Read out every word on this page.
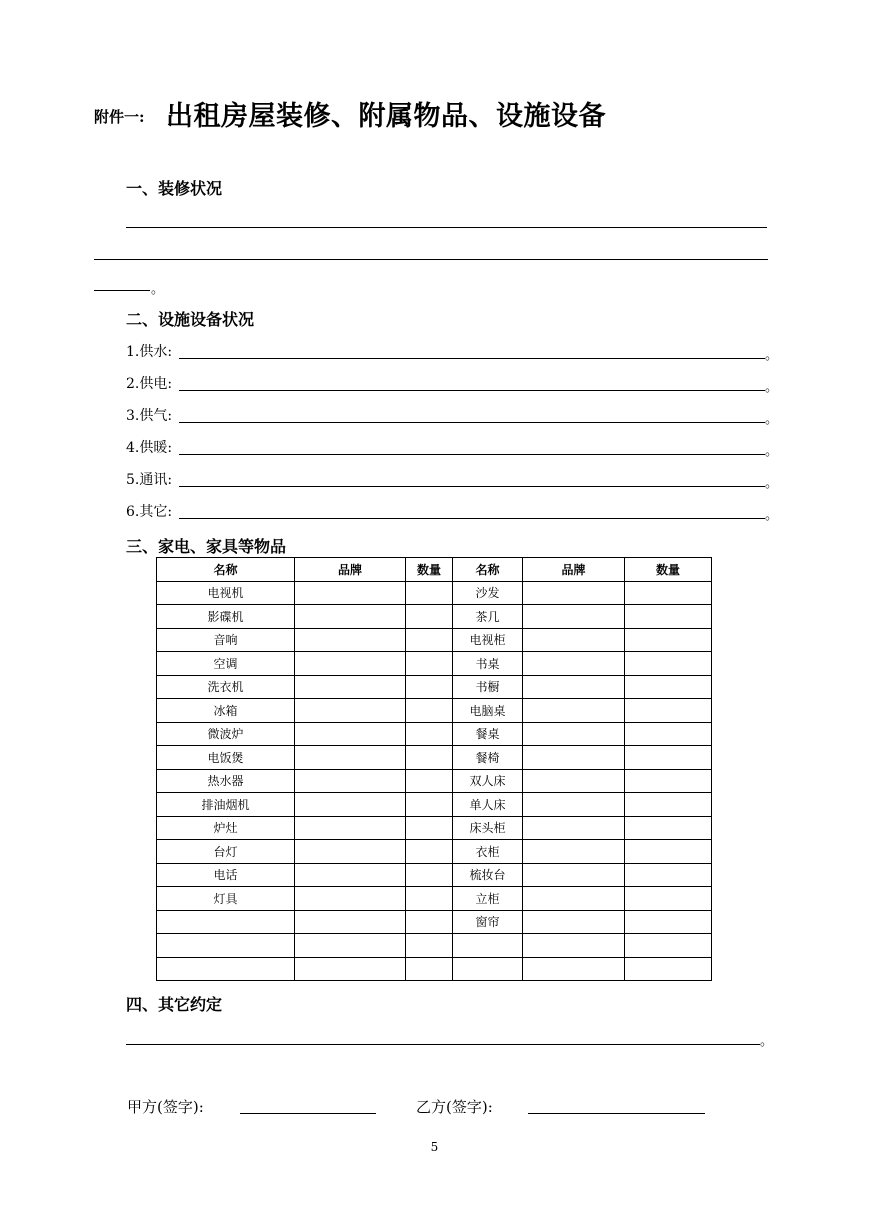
附件一: 出租房屋装修、附属物品、设施设备
一、装修状况
。
二、设施设备状况
1.供水:	。
2.供电:	。
3.供气:	。
4.供暖:	。
5.通讯:	。
6.其它:	。
三、家电、家具等物品
名称	品牌	数量	名称	品牌	数量
电视机			沙发		
影碟机			茶几		
音响			电视柜		
空调			书桌		
洗衣机			书橱		
冰箱			电脑桌		
微波炉			餐桌		
电饭煲			餐椅		
热水器			双人床		
排油烟机			单人床		
炉灶			床头柜		
台灯			衣柜		
电话			梳妆台		
灯具			立柜		
			窗帘		

四、其它约定
。
甲方(签字):	乙方(签字):
5
